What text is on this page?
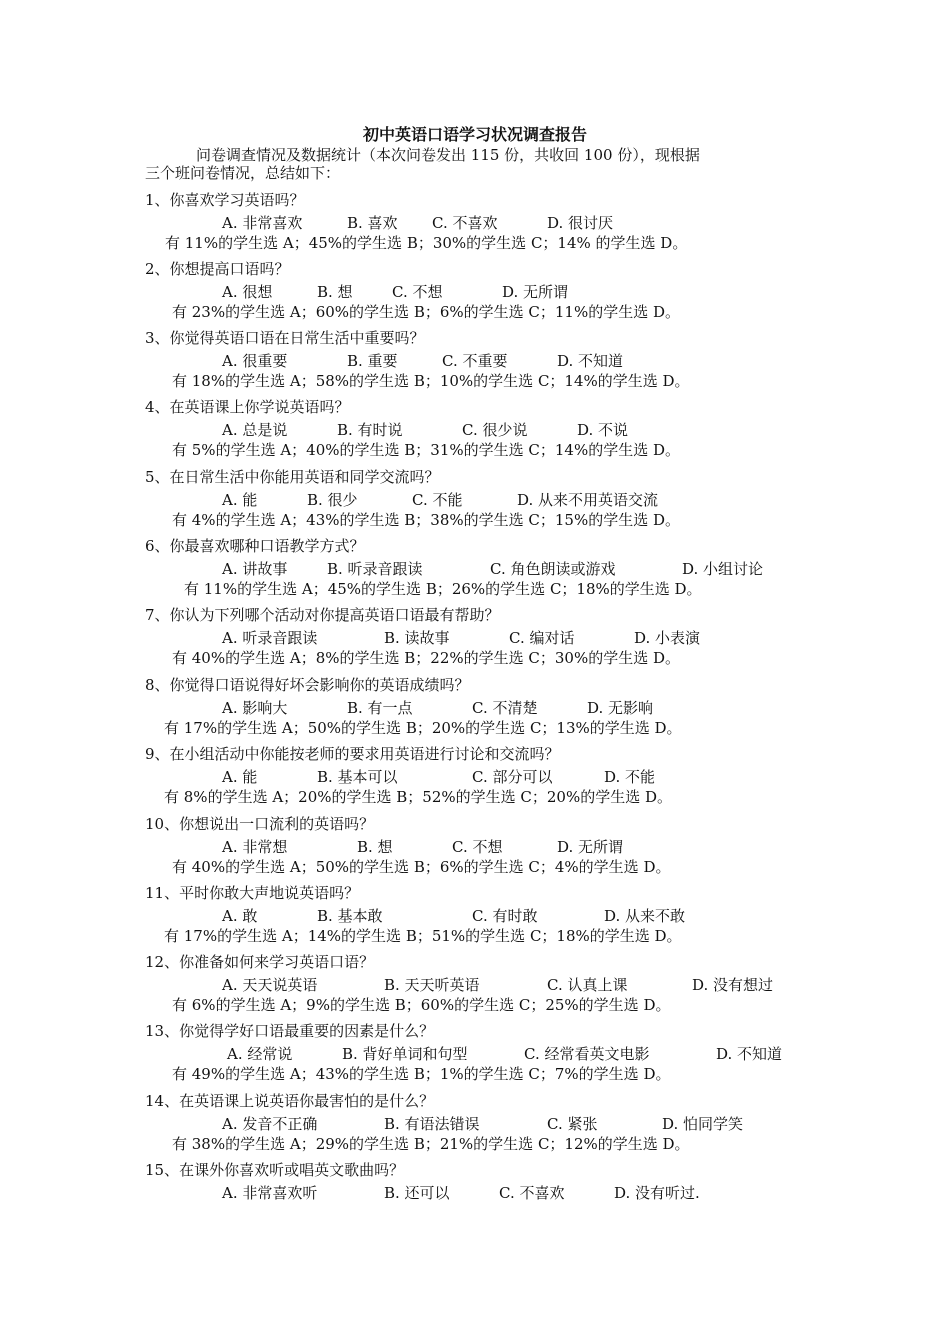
初中英语口语学习状况调查报告
问卷调查情况及数据统计（本次问卷发出 115 份，共收回 100 份），现根据
三个班问卷情况，总结如下：
1、你喜欢学习英语吗？
A. 非常喜欢	B. 喜欢 C. 不喜欢	D. 很讨厌
有 11%的学生选 A；45%的学生选 B；30%的学生选 C；14% 的学生选 D。
2、你想提高口语吗？
A. 很想	B. 想	C. 不想	D. 无所谓
有 23%的学生选 A；60%的学生选 B；6%的学生选 C；11%的学生选 D。
3、你觉得英语口语在日常生活中重要吗？
A. 很重要	B. 重要	C. 不重要	D. 不知道
有 18%的学生选 A；58%的学生选 B；10%的学生选 C；14%的学生选 D。
4、在英语课上你学说英语吗？
A. 总是说	B. 有时说	C. 很少说	D. 不说
有 5%的学生选 A；40%的学生选 B；31%的学生选 C；14%的学生选 D。
5、在日常生活中你能用英语和同学交流吗？
A. 能	B. 很少	C. 不能	D. 从来不用英语交流
有 4%的学生选 A；43%的学生选 B；38%的学生选 C；15%的学生选 D。
6、你最喜欢哪种口语教学方式？
A. 讲故事	B. 听录音跟读	C. 角色朗读或游戏	D. 小组讨论
有 11%的学生选 A；45%的学生选 B；26%的学生选 C；18%的学生选 D。
7、你认为下列哪个活动对你提高英语口语最有帮助？
A. 听录音跟读	B. 读故事	C. 编对话	D. 小表演
有 40%的学生选 A；8%的学生选 B；22%的学生选 C；30%的学生选 D。
8、你觉得口语说得好坏会影响你的英语成绩吗？
A. 影响大	B. 有一点	C. 不清楚	D. 无影响
有 17%的学生选 A；50%的学生选 B；20%的学生选 C；13%的学生选 D。
9、在小组活动中你能按老师的要求用英语进行讨论和交流吗？
A. 能	B. 基本可以	C. 部分可以	D. 不能
有 8%的学生选 A；20%的学生选 B；52%的学生选 C；20%的学生选 D。
10、你想说出一口流利的英语吗？
A. 非常想	B. 想	C. 不想	D. 无所谓
有 40%的学生选 A；50%的学生选 B；6%的学生选 C；4%的学生选 D。
11、平时你敢大声地说英语吗？
A. 敢	B. 基本敢	C. 有时敢	D. 从来不敢
有 17%的学生选 A；14%的学生选 B；51%的学生选 C；18%的学生选 D。
12、你准备如何来学习英语口语？
A. 天天说英语	B. 天天听英语	C. 认真上课	D. 没有想过
有 6%的学生选 A；9%的学生选 B；60%的学生选 C；25%的学生选 D。
13、你觉得学好口语最重要的因素是什么？
A. 经常说	B. 背好单词和句型	C. 经常看英文电影	D. 不知道
有 49%的学生选 A；43%的学生选 B；1%的学生选 C；7%的学生选 D。
14、在英语课上说英语你最害怕的是什么？
A. 发音不正确	B. 有语法错误	C. 紧张	D. 怕同学笑
有 38%的学生选 A；29%的学生选 B；21%的学生选 C；12%的学生选 D。
15、在课外你喜欢听或唱英文歌曲吗？
A. 非常喜欢听	B. 还可以	C. 不喜欢	D. 没有听过.
